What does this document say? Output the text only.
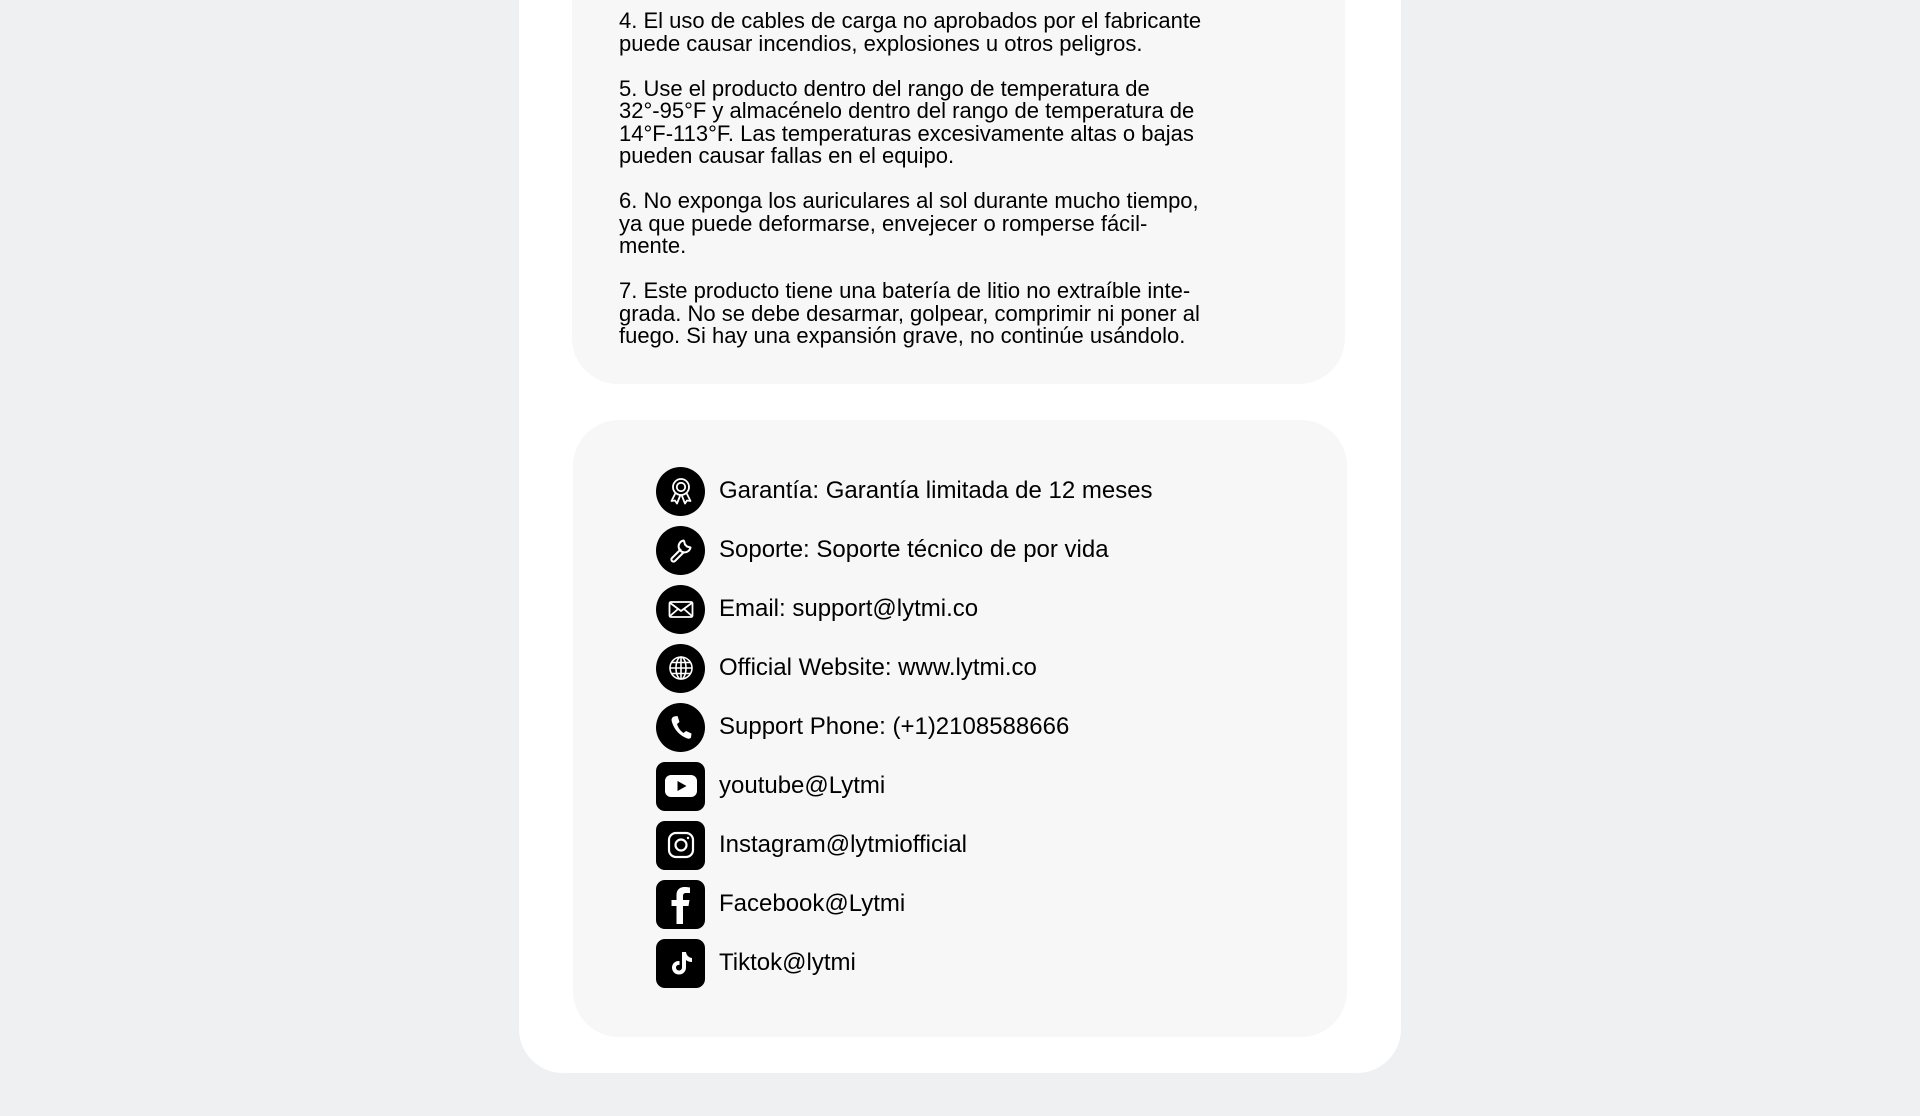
4. El uso de cables de carga no aprobados por el fabricante
puede causar incendios, explosiones u otros peligros.

5. Use el producto dentro del rango de temperatura de
32°-95°F y almacénelo dentro del rango de temperatura de
14°F-113°F. Las temperaturas excesivamente altas o bajas
pueden causar fallas en el equipo.

6. No exponga los auriculares al sol durante mucho tiempo,
ya que puede deformarse, envejecer o romperse fácil-
mente.

7. Este producto tiene una batería de litio no extraíble inte-
grada. No se debe desarmar, golpear, comprimir ni poner al
fuego. Si hay una expansión grave, no continúe usándolo.

Garantía: Garantía limitada de 12 meses
Soporte: Soporte técnico de por vida
Email: support@lytmi.co
Official Website: www.lytmi.co
Support Phone: (+1)2108588666
youtube@Lytmi
Instagram@lytmiofficial
Facebook@Lytmi
Tiktok@lytmi
